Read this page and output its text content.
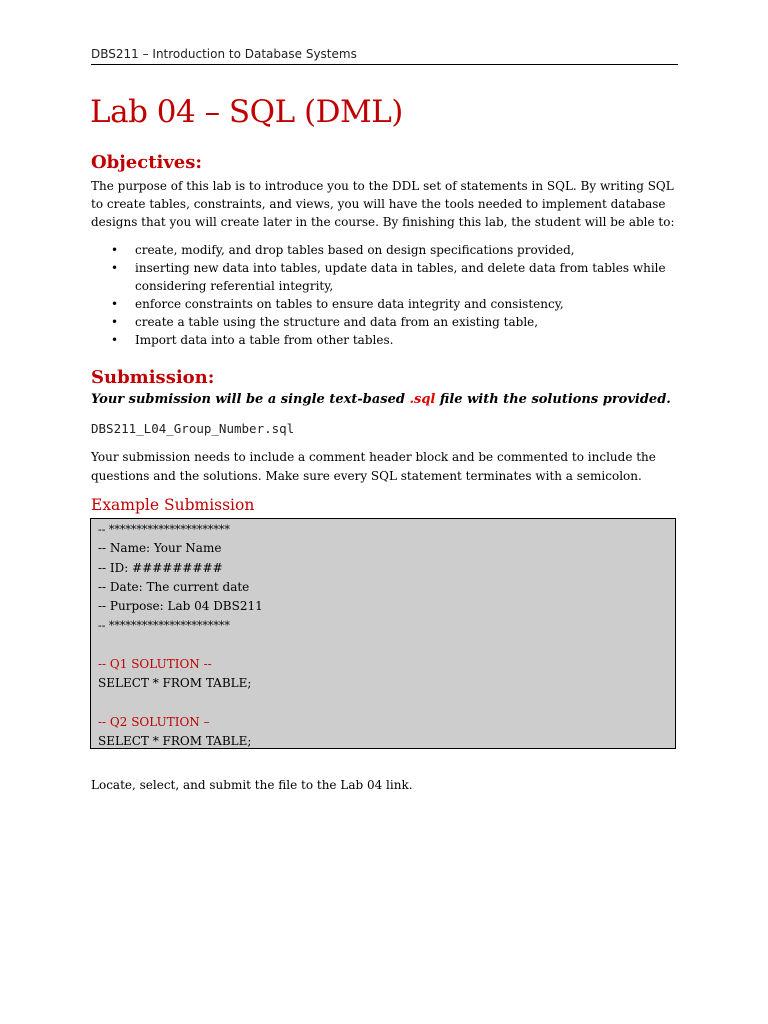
DBS211 – Introduction to Database Systems
Lab 04 – SQL (DML)
Objectives:

The purpose of this lab is to introduce you to the DDL set of statements in SQL. By writing SQL to create tables, constraints, and views, you will have the tools needed to implement database designs that you will create later in the course. By finishing this lab, the student will be able to:

• create, modify, and drop tables based on design specifications provided,
• inserting new data into tables, update data in tables, and delete data from tables while considering referential integrity,
• enforce constraints on tables to ensure data integrity and consistency,
• create a table using the structure and data from an existing table,
• Import data into a table from other tables.
Submission:
Your submission will be a single text-based .sql file with the solutions provided.
DBS211_L04_Group_Number.sql

Your submission needs to include a comment header block and be commented to include the questions and the solutions. Make sure every SQL statement terminates with a semicolon.

Example Submission
-- **********************
-- Name: Your Name
-- ID: #########
-- Date: The current date
-- Purpose: Lab 04 DBS211
-- **********************
-- Q1 SOLUTION --
SELECT * FROM TABLE;
-- Q2 SOLUTION –
SELECT * FROM TABLE;
Locate, select, and submit the file to the Lab 04 link.
